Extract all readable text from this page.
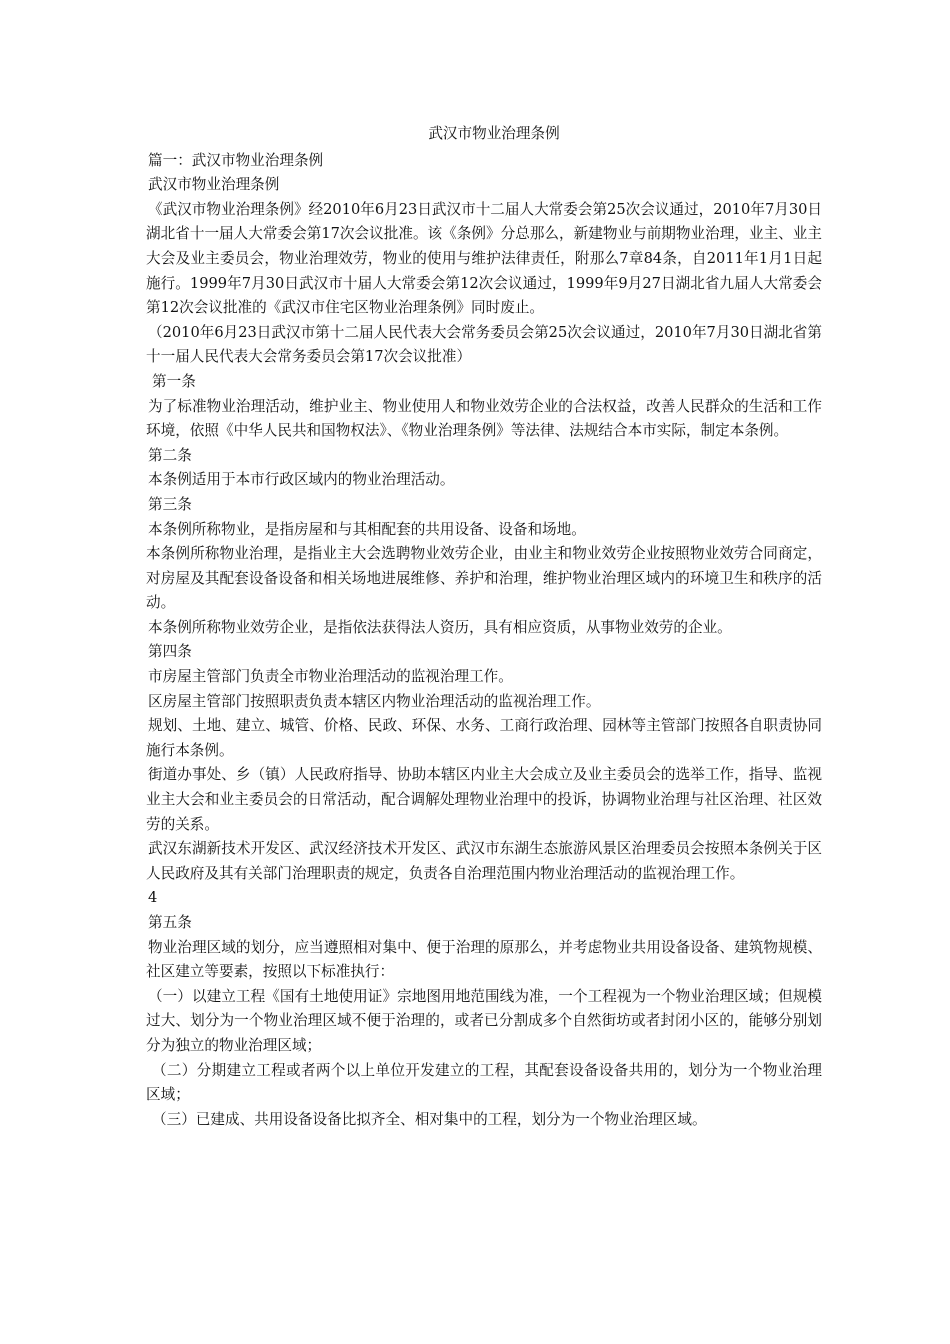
武汉市物业治理条例
篇一：武汉市物业治理条例
武汉市物业治理条例
《武汉市物业治理条例》经2010年6月23日武汉市十二届人大常委会第25次会议通过，2010年7月30日湖北省十一届人大常委会第17次会议批准。该《条例》分总那么，新建物业与前期物业治理，业主、业主大会及业主委员会，物业治理效劳，物业的使用与维护法律责任，附那么7章84条，自2011年1月1日起施行。1999年7月30日武汉市十届人大常委会第12次会议通过，1999年9月27日湖北省九届人大常委会第12次会议批准的《武汉市住宅区物业治理条例》同时废止。
（2010年6月23日武汉市第十二届人民代表大会常务委员会第25次会议通过，2010年7月30日湖北省第十一届人民代表大会常务委员会第17次会议批准）
第一条
为了标准物业治理活动，维护业主、物业使用人和物业效劳企业的合法权益，改善人民群众的生活和工作环境，依照《中华人民共和国物权法》、《物业治理条例》等法律、法规结合本市实际，制定本条例。
第二条
本条例适用于本市行政区域内的物业治理活动。
第三条
本条例所称物业，是指房屋和与其相配套的共用设备、设备和场地。
本条例所称物业治理，是指业主大会选聘物业效劳企业，由业主和物业效劳企业按照物业效劳合同商定，对房屋及其配套设备设备和相关场地进展维修、养护和治理，维护物业治理区域内的环境卫生和秩序的活动。
本条例所称物业效劳企业，是指依法获得法人资历，具有相应资质，从事物业效劳的企业。
第四条
市房屋主管部门负责全市物业治理活动的监视治理工作。
区房屋主管部门按照职责负责本辖区内物业治理活动的监视治理工作。
规划、土地、建立、城管、价格、民政、环保、水务、工商行政治理、园林等主管部门按照各自职责协同施行本条例。
街道办事处、乡（镇）人民政府指导、协助本辖区内业主大会成立及业主委员会的选举工作，指导、监视业主大会和业主委员会的日常活动，配合调解处理物业治理中的投诉，协调物业治理与社区治理、社区效劳的关系。
武汉东湖新技术开发区、武汉经济技术开发区、武汉市东湖生态旅游风景区治理委员会按照本条例关于区人民政府及其有关部门治理职责的规定，负责各自治理范围内物业治理活动的监视治理工作。
4
第五条
物业治理区域的划分，应当遵照相对集中、便于治理的原那么，并考虑物业共用设备设备、建筑物规模、社区建立等要素，按照以下标准执行：
（一）以建立工程《国有土地使用证》宗地图用地范围线为准，一个工程视为一个物业治理区域；但规模过大、划分为一个物业治理区域不便于治理的，或者已分割成多个自然街坊或者封闭小区的，能够分别划分为独立的物业治理区域；
（二）分期建立工程或者两个以上单位开发建立的工程，其配套设备设备共用的，划分为一个物业治理区域；
（三）已建成、共用设备设备比拟齐全、相对集中的工程，划分为一个物业治理区域。
